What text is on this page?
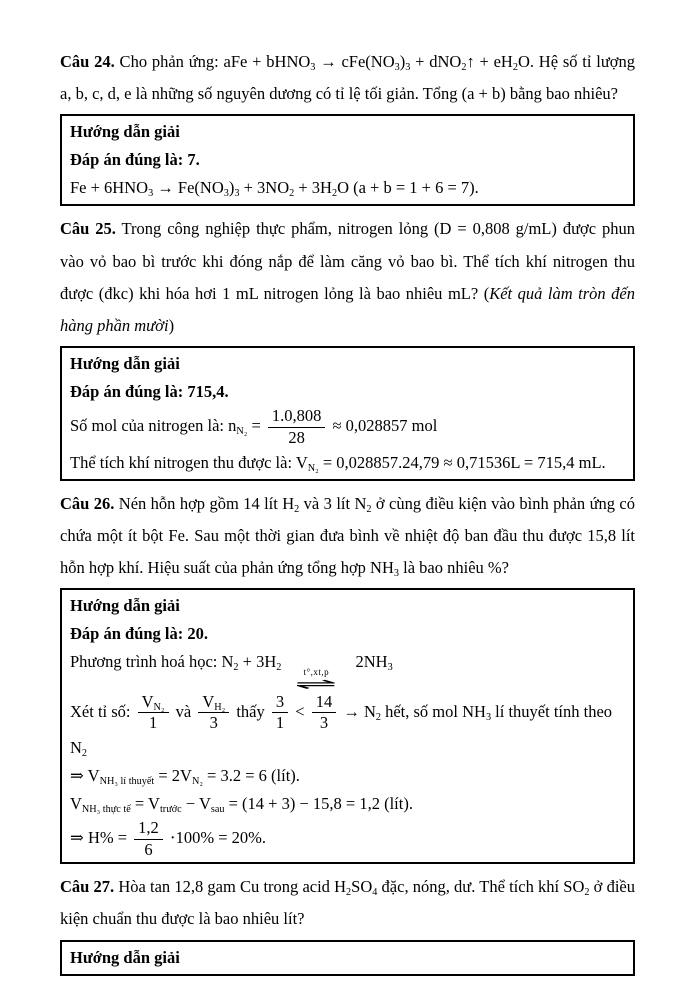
Câu 24. Cho phản ứng: aFe + bHNO$_3$ → $cFe(NO_3)_3$ + dNO$_2$↑ + $eH_2O$. Hệ số tỉ lượng a, b, c, d, e là những số nguyên dương có tỉ lệ tối giản. Tổng (a + b) bằng bao nhiêu?

Hướng dẫn giải
Đáp án đúng là: 7.
$Fe + 6HNO_3 \to Fe(NO_3)_3 + 3NO_2 + 3H_2O$ (a + b = 1 + 6 = 7).

Câu 25. Trong công nghiệp thực phẩm, nitrogen lỏng (D = 0,808 g/mL) được phun vào vỏ bao bì trước khi đóng nắp để làm căng vỏ bao bì. Thể tích khí nitrogen thu được (đkc) khi hóa hơi 1 mL nitrogen lỏng là bao nhiêu mL? (Kết quả làm tròn đến hàng phần mười)

Hướng dẫn giải
Đáp án đúng là: 715,4.
Số mol của nitrogen là: $n_{N_2} = \frac{1.0,808}{28} \approx 0,028857$ mol
Thể tích khí nitrogen thu được là: $V_{N_2} = 0,028857.24,79 \approx 0,71536L = 715,4$ mL.

Câu 26. Nén hỗn hợp gồm 14 lít $H_2$ và 3 lít $N_2$ ở cùng điều kiện vào bình phản ứng có chứa một ít bột Fe. Sau một thời gian đưa bình về nhiệt độ ban đầu thu được 15,8 lít hỗn hợp khí. Hiệu suất của phản ứng tổng hợp $NH_3$ là bao nhiêu %?

Hướng dẫn giải
Đáp án đúng là: 20.
Phương trình hoá học: $N_2 + 3H_2$ t°,xt,p
⇌
$2NH_3$
Xét tỉ số: $\frac{V_{N_2}}{1}$ và $\frac{V_{H_2}}{3}$ thấy $\frac{3}{1} < \frac{14}{3} \to N_2$ hết, số mol $NH_3$ lí thuyết tính theo $N_2$
⇒ $V_{NH_3 lí thuyết} = 2V_{N_2} = 3.2 = 6$ (lít).
$V_{NH_3 thực tế} = V_{trước} - V_{sau} = (14 + 3) - 15,8 = 1,2$ (lít).
⇒ $H\% = \frac{1,2}{6} \cdot 100\% = 20\%$.

Câu 27. Hòa tan 12,8 gam Cu trong acid $H_2SO_4$ đặc, nóng, dư. Thể tích khí $SO_2$ ở điều kiện chuẩn thu được là bao nhiêu lít?

Hướng dẫn giải
